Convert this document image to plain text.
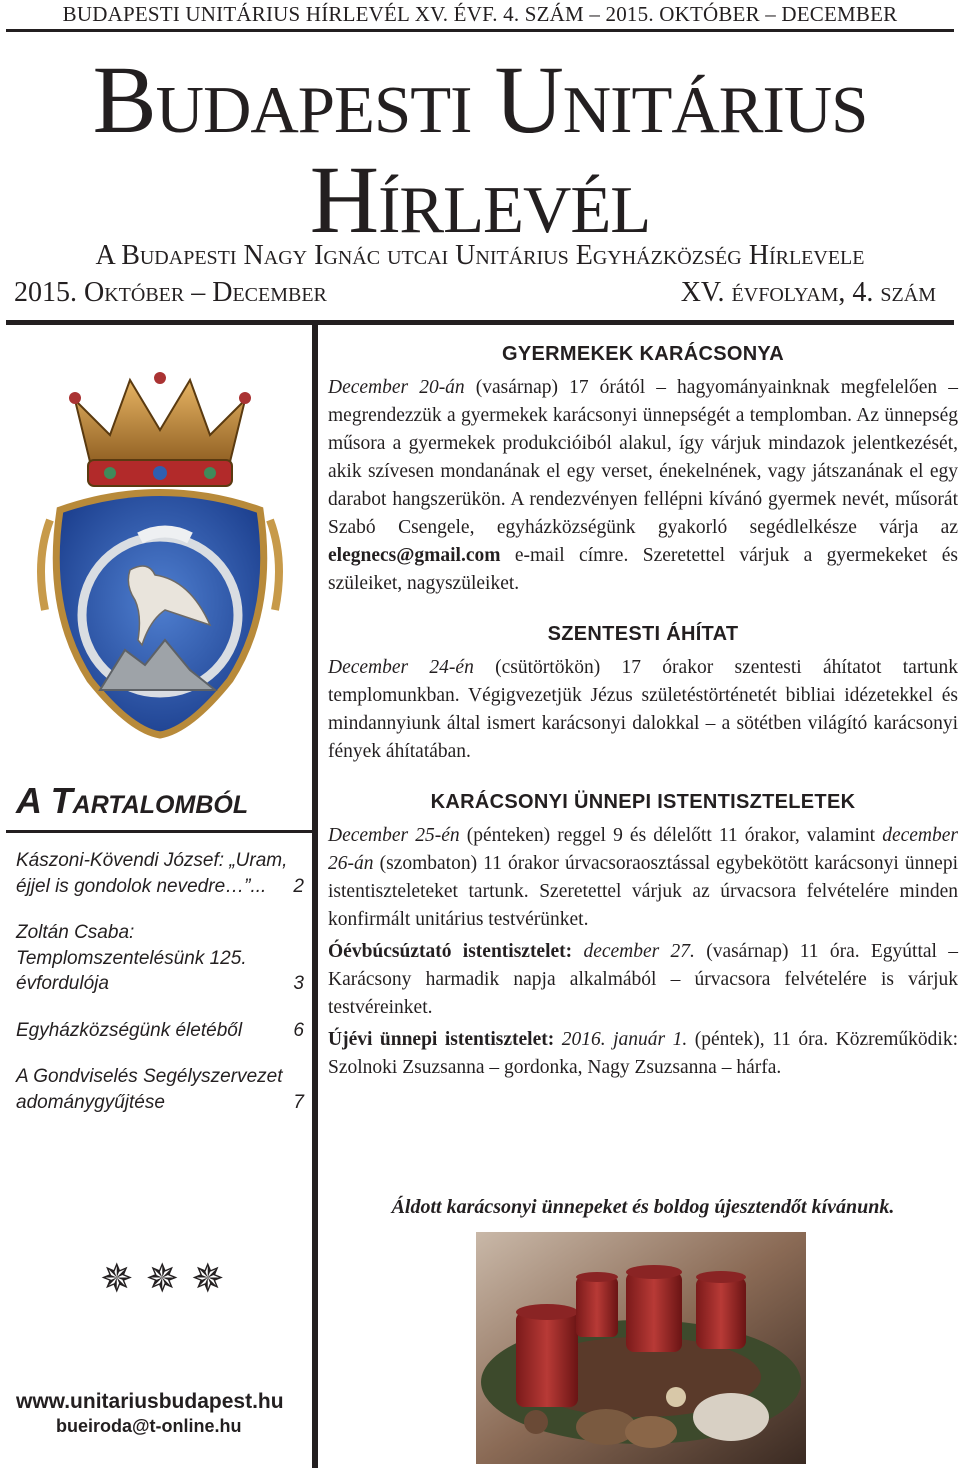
BUDAPESTI UNITÁRIUS HÍRLEVÉL XV. ÉVF. 4. SZÁM – 2015. OKTÓBER – DECEMBER
Budapesti Unitárius
Hírlevél
A Budapesti Nagy Ignác utcai Unitárius Egyházközség Hírlevele
2015. Október – December	XV. évfolyam, 4. szám
A Tartalomból
Kászoni-Kövendi József: „Uram, éjjel is gondolok nevedre…”... 2
Zoltán Csaba: Templomszentelésünk 125. évfordulója	3
Egyházközségünk életéből	6
A Gondviselés Segélyszervezet adománygyűjtése	7
✵✵✵
www.unitariusbudapest.hu
bueiroda@t-online.hu
GYERMEKEK KARÁCSONYA

December 20-án (vasárnap) 17 órától – hagyományainknak megfelelően – megrendezzük a gyermekek karácsonyi ünnepségét a templomban. Az ünnepség műsora a gyermekek produkcióiból alakul, így várjuk mindazok jelentkezését, akik szívesen mondanának el egy verset, énekelnének, vagy játszanának el egy darabot hangszerükön. A rendezvényen fellépni kívánó gyermek nevét, műsorát Szabó Csengele, egyházközségünk gyakorló segédlelkésze várja az elegnecs@gmail.com e-mail címre. Szeretettel várjuk a gyermekeket és szüleiket, nagyszüleiket.

SZENTESTI ÁHÍTAT

December 24-én (csütörtökön) 17 órakor szentesti áhítatot tartunk templomunkban. Végigvezetjük Jézus születéstörténetét bibliai idézetekkel és mindannyiunk által ismert karácsonyi dalokkal – a sötétben világító karácsonyi fények áhítatában.

KARÁCSONYI ÜNNEPI ISTENTISZTELETEK

December 25-én (pénteken) reggel 9 és délelőtt 11 órakor, valamint december 26-án (szombaton) 11 órakor úrvacsoraosztással egybekötött karácsonyi ünnepi istentiszteleteket tartunk. Szeretettel várjuk az úrvacsora felvételére minden konfirmált unitárius testvérünket.

Óévbúcsúztató istentisztelet: december 27. (vasárnap) 11 óra. Egyúttal – Karácsony harmadik napja alkalmából – úrvacsora felvételére is várjuk testvéreinket.

Újévi ünnepi istentisztelet: 2016. január 1. (péntek), 11 óra. Közreműködik: Szolnoki Zsuzsanna – gordonka, Nagy Zsuzsanna – hárfa.

Áldott karácsonyi ünnepeket és boldog újesztendőt kívánunk.
